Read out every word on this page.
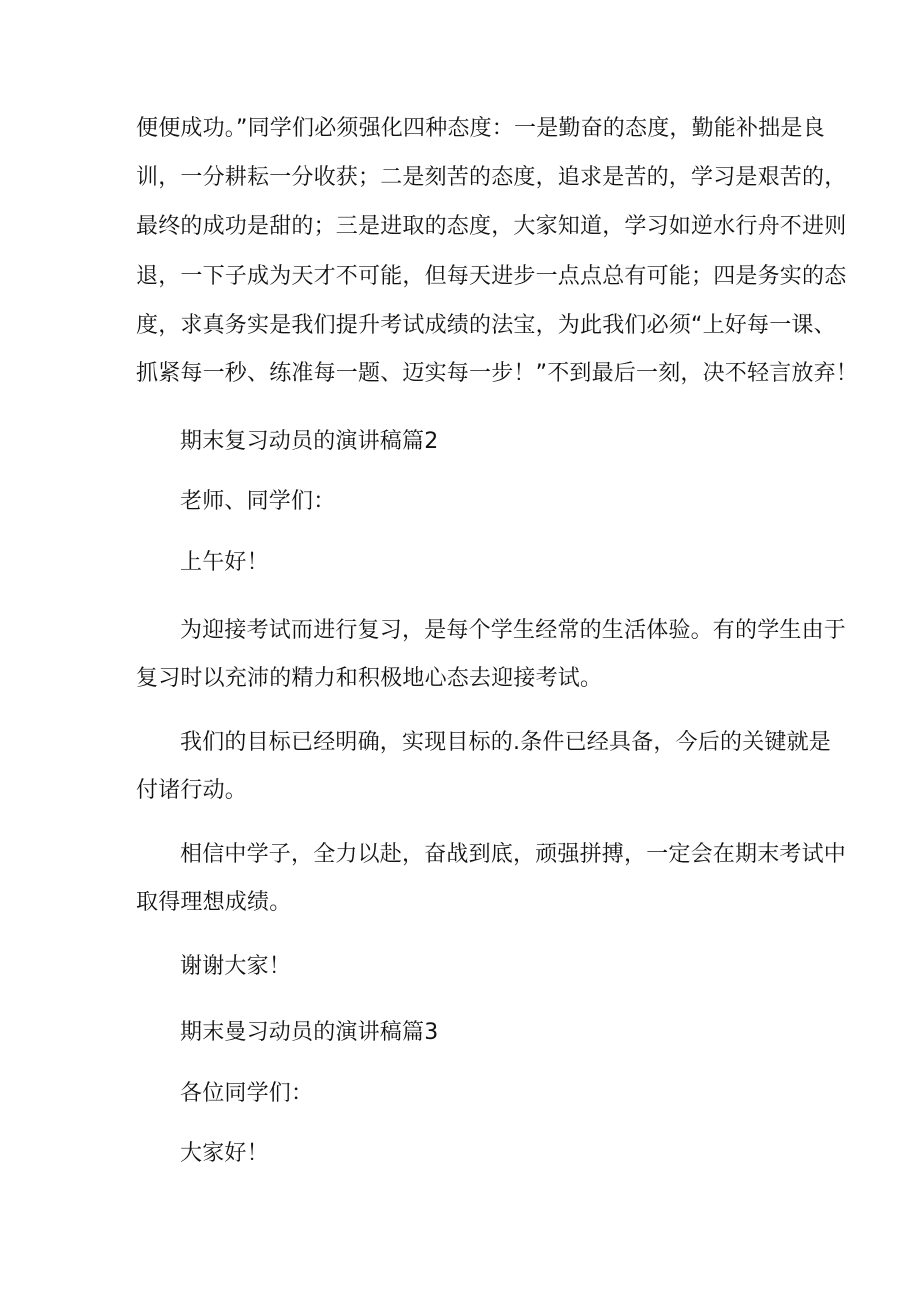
便便成功。”同学们必须强化四种态度：一是勤奋的态度，勤能补拙是良
训，一分耕耘一分收获；二是刻苦的态度，追求是苦的，学习是艰苦的，
最终的成功是甜的；三是进取的态度，大家知道，学习如逆水行舟不进则
退，一下子成为天才不可能，但每天进步一点点总有可能；四是务实的态
度，求真务实是我们提升考试成绩的法宝，为此我们必须“上好每一课、
抓紧每一秒、练准每一题、迈实每一步！”不到最后一刻，决不轻言放弃！
期末复习动员的演讲稿篇2
老师、同学们：
上午好！
为迎接考试而进行复习，是每个学生经常的生活体验。有的学生由于
复习时以充沛的精力和积极地心态去迎接考试。
我们的目标已经明确，实现目标的.条件已经具备，今后的关键就是
付诸行动。
相信中学子，全力以赴，奋战到底，顽强拼搏，一定会在期末考试中
取得理想成绩。
谢谢大家！
期末曼习动员的演讲稿篇3
各位同学们：
大家好！
